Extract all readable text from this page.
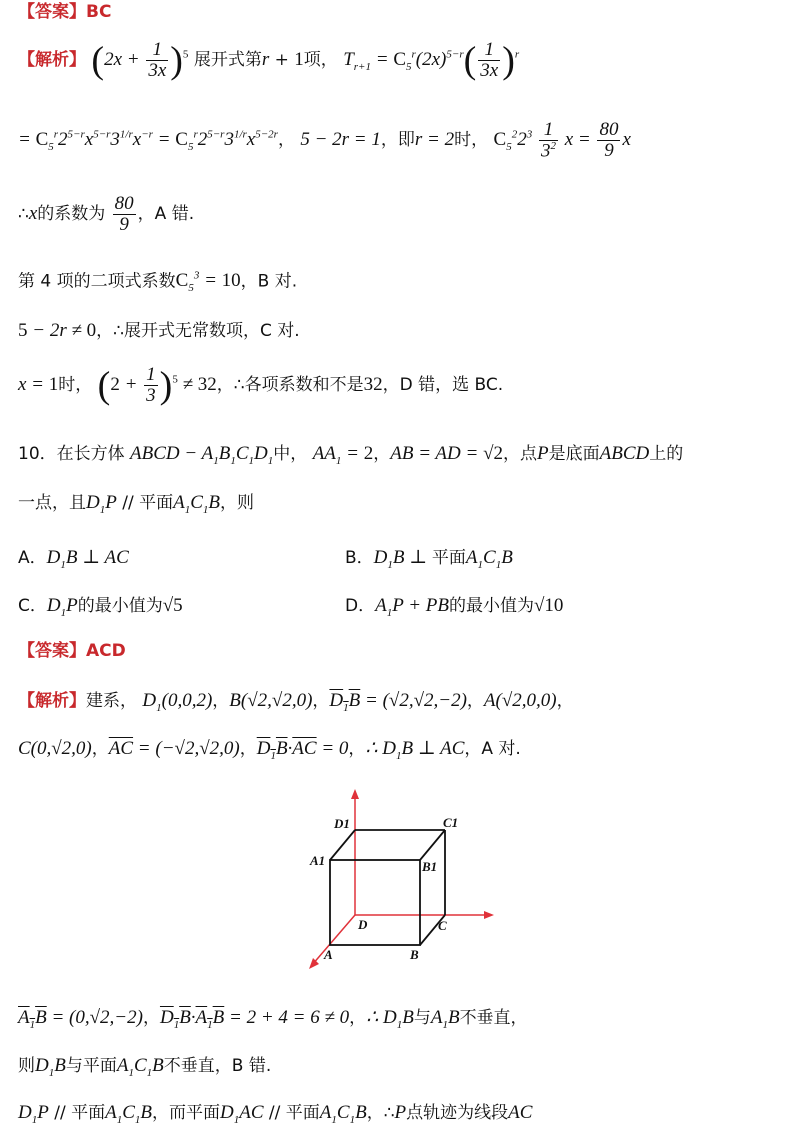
【答案】BC
【解析】 $(2x + \frac{1}{3x} )^5$ 展开式第r + 1项， $T_{r+1} = C_5^r(2x)^{5-r}( \frac{1}{3x} )^r$
= $C_5^r2^{5-r}x^{5-r}3^{1/r}x^{-r} = C_5^r2^{5-r}3^{1/r}x^{5-2r}$， 5 − 2r = 1，即r = 2时， $C_5^22^3 \frac{1}{3^2}$ $x = \frac{80}{9}$ x
∴x的系数为 $\frac{80}{9}$ ，A 错.
第 4 项的二项式系数$C_5^3 = 10$，B 对.
5 − 2r ≠ 0，∴展开式无常数项，C 对.
x = 1时， $(2 + \frac{1}{3} )^5 \ne 32$，∴各项系数和不是32，D 错，选 BC.
10．在长方体 ABCD − $A_1B_1C_1D_1$中， $AA_1 = 2$，AB = AD = √2，点P是底面ABCD上的
一点，且$D_1P$ // 平面$A_1C_1B$，则
A．$D_1B$ ⊥ AC	B．$D_1B$ ⊥ 平面$A_1C_1B$
C．$D_1P$的最小值为√5	D．$A_1P$ + PB的最小值为√10
【答案】ACD
【解析】建系， $D_1(0,0,2)$，B(√2,√2,0)，$D_1B = (√2,√2,-2)$，A(√2,0,0)，
C(0,√2,0)，$\overline{AC} = (-√2,√2,0)$，$D_1B\cdot\overline{AC} = 0$，∴ $D_1B$ ⊥ AC，A 对.
D1	C1
A1	B1
D	C
A	B
$A_1B = (0,√2,-2)$，$D_1B\cdot A_1B = 2 + 4 = 6 \ne 0$，∴ $D_1B$与$A_1B$不垂直，
则$D_1B$与平面$A_1C_1B$不垂直，B 错.
$D_1P$ // 平面$A_1C_1B$，而平面$D_1AC$ // 平面$A_1C_1B$，∴P点轨迹为线段AC
